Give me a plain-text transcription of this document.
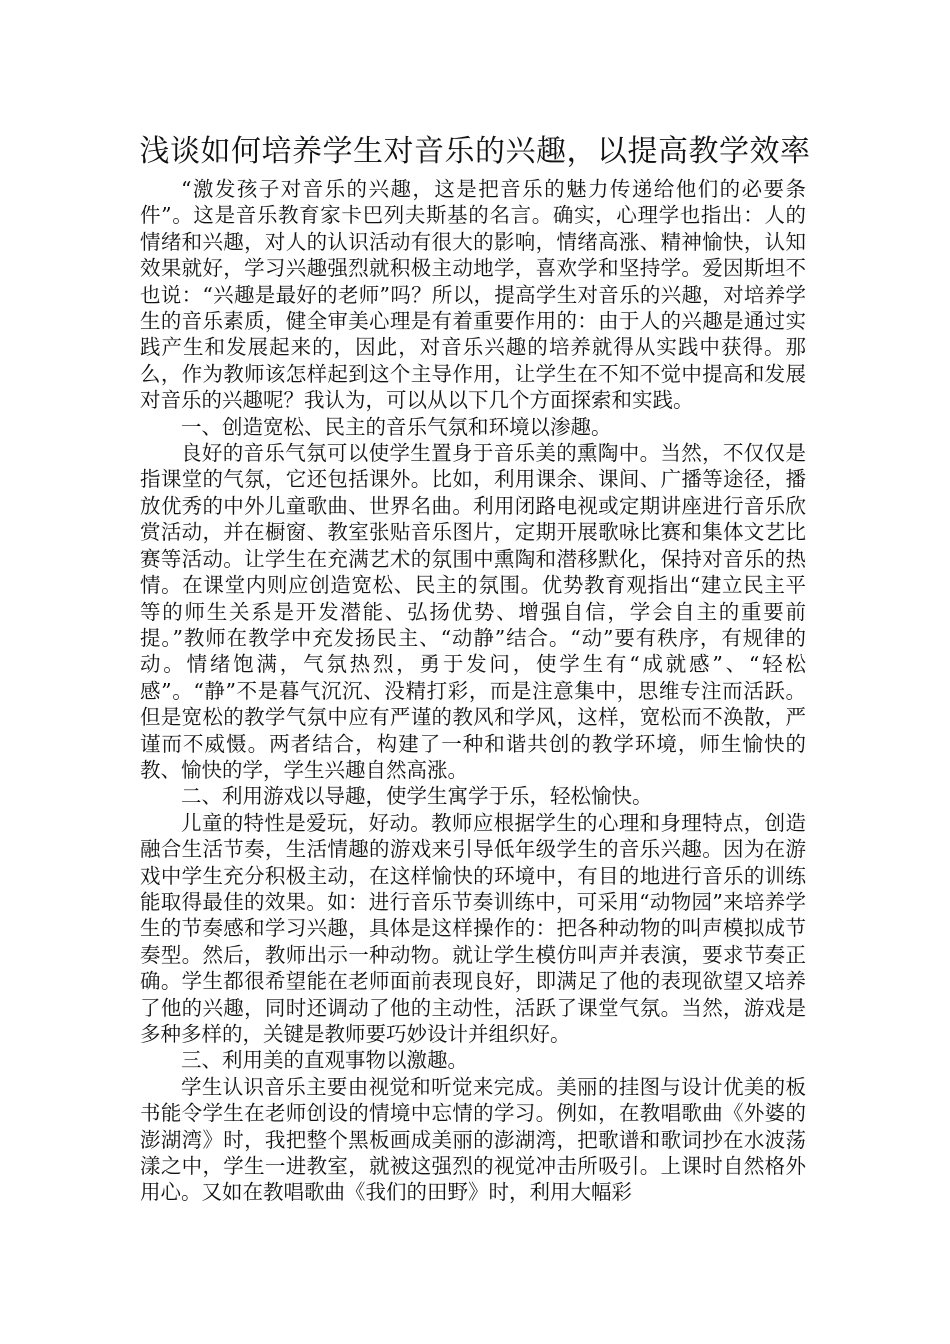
浅谈如何培养学生对音乐的兴趣，以提高教学效率

“激发孩子对音乐的兴趣，这是把音乐的魅力传递给他们的必要条件”。这是音乐教育家卡巴列夫斯基的名言。确实，心理学也指出：人的情绪和兴趣，对人的认识活动有很大的影响，情绪高涨、精神愉快，认知效果就好，学习兴趣强烈就积极主动地学，喜欢学和坚持学。爱因斯坦不也说：“兴趣是最好的老师”吗？所以，提高学生对音乐的兴趣，对培养学生的音乐素质，健全审美心理是有着重要作用的：由于人的兴趣是通过实践产生和发展起来的，因此，对音乐兴趣的培养就得从实践中获得。那么，作为教师该怎样起到这个主导作用，让学生在不知不觉中提高和发展对音乐的兴趣呢？我认为，可以从以下几个方面探索和实践。

一、创造宽松、民主的音乐气氛和环境以渗趣。

良好的音乐气氛可以使学生置身于音乐美的熏陶中。当然，不仅仅是指课堂的气氛，它还包括课外。比如，利用课余、课间、广播等途径，播放优秀的中外儿童歌曲、世界名曲。利用闭路电视或定期讲座进行音乐欣赏活动，并在橱窗、教室张贴音乐图片，定期开展歌咏比赛和集体文艺比赛等活动。让学生在充满艺术的氛围中熏陶和潜移默化，保持对音乐的热情。在课堂内则应创造宽松、民主的氛围。优势教育观指出“建立民主平等的师生关系是开发潜能、弘扬优势、增强自信，学会自主的重要前提。”教师在教学中充发扬民主、“动静”结合。“动”要有秩序，有规律的动。情绪饱满，气氛热烈，勇于发问，使学生有“成就感”、“轻松感”。“静”不是暮气沉沉、没精打彩，而是注意集中，思维专注而活跃。但是宽松的教学气氛中应有严谨的教风和学风，这样，宽松而不涣散，严谨而不威慑。两者结合，构建了一种和谐共创的教学环境，师生愉快的教、愉快的学，学生兴趣自然高涨。

二、利用游戏以导趣，使学生寓学于乐，轻松愉快。

儿童的特性是爱玩，好动。教师应根据学生的心理和身理特点，创造融合生活节奏，生活情趣的游戏来引导低年级学生的音乐兴趣。因为在游戏中学生充分积极主动，在这样愉快的环境中，有目的地进行音乐的训练能取得最佳的效果。如：进行音乐节奏训练中，可采用“动物园”来培养学生的节奏感和学习兴趣，具体是这样操作的：把各种动物的叫声模拟成节奏型。然后，教师出示一种动物。就让学生模仿叫声并表演，要求节奏正确。学生都很希望能在老师面前表现良好，即满足了他的表现欲望又培养了他的兴趣，同时还调动了他的主动性，活跃了课堂气氛。当然，游戏是多种多样的，关键是教师要巧妙设计并组织好。

三、利用美的直观事物以激趣。

学生认识音乐主要由视觉和听觉来完成。美丽的挂图与设计优美的板书能令学生在老师创设的情境中忘情的学习。例如，在教唱歌曲《外婆的澎湖湾》时，我把整个黑板画成美丽的澎湖湾，把歌谱和歌词抄在水波荡漾之中，学生一进教室，就被这强烈的视觉冲击所吸引。上课时自然格外用心。又如在教唱歌曲《我们的田野》时，利用大幅彩
